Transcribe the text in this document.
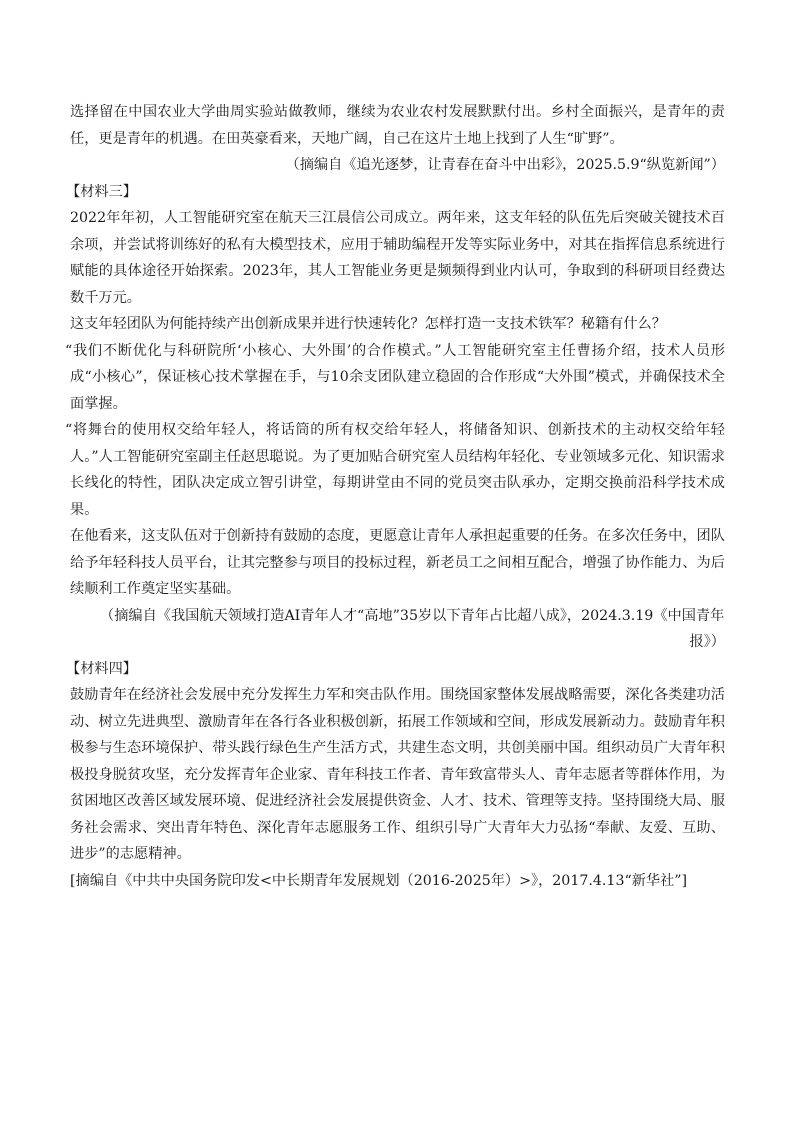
选择留在中国农业大学曲周实验站做教师，继续为农业农村发展默默付出。乡村全面振兴，是青年的责任，更是青年的机遇。在田英豪看来，天地广阔，自己在这片土地上找到了人生“旷野”。

（摘编自《追光逐梦，让青春在奋斗中出彩》，2025.5.9“纵览新闻”）

【材料三】

2022年年初，人工智能研究室在航天三江晨信公司成立。两年来，这支年轻的队伍先后突破关键技术百余项，并尝试将训练好的私有大模型技术，应用于辅助编程开发等实际业务中，对其在指挥信息系统进行赋能的具体途径开始探索。2023年，其人工智能业务更是频频得到业内认可，争取到的科研项目经费达数千万元。

这支年轻团队为何能持续产出创新成果并进行快速转化？怎样打造一支技术铁军？秘籍有什么？

“我们不断优化与科研院所‘小核心、大外围’的合作模式。”人工智能研究室主任曹扬介绍，技术人员形成“小核心”，保证核心技术掌握在手，与10余支团队建立稳固的合作形成“大外围”模式，并确保技术全面掌握。

“将舞台的使用权交给年轻人，将话筒的所有权交给年轻人，将储备知识、创新技术的主动权交给年轻人。”人工智能研究室副主任赵思聪说。为了更加贴合研究室人员结构年轻化、专业领域多元化、知识需求长线化的特性，团队决定成立智引讲堂，每期讲堂由不同的党员突击队承办，定期交换前沿科学技术成果。

在他看来，这支队伍对于创新持有鼓励的态度，更愿意让青年人承担起重要的任务。在多次任务中，团队给予年轻科技人员平台，让其完整参与项目的投标过程，新老员工之间相互配合，增强了协作能力、为后续顺利工作奠定坚实基础。

（摘编自《我国航天领域打造AI青年人才“高地”35岁以下青年占比超八成》，2024.3.19《中国青年

报》）

【材料四】

鼓励青年在经济社会发展中充分发挥生力军和突击队作用。围绕国家整体发展战略需要，深化各类建功活动、树立先进典型、激励青年在各行各业积极创新，拓展工作领域和空间，形成发展新动力。鼓励青年积极参与生态环境保护、带头践行绿色生产生活方式，共建生态文明，共创美丽中国。组织动员广大青年积极投身脱贫攻坚，充分发挥青年企业家、青年科技工作者、青年致富带头人、青年志愿者等群体作用，为贫困地区改善区域发展环境、促进经济社会发展提供资金、人才、技术、管理等支持。坚持围绕大局、服务社会需求、突出青年特色、深化青年志愿服务工作、组织引导广大青年大力弘扬“奉献、友爱、互助、进步”的志愿精神。

[摘编自《中共中央国务院印发<中长期青年发展规划（2016-2025年）>》，2017.4.13“新华社”]
